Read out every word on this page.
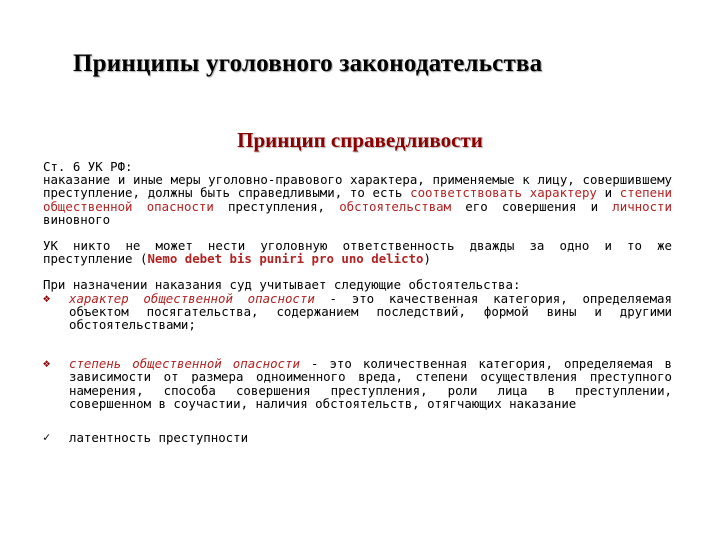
Принципы уголовного законодательства
Принцип справедливости

Ст. 6 УК РФ:

наказание и иные меры уголовно-правового характера, применяемые к лицу, совершившему преступление, должны быть справедливыми, то есть соответствовать характеру и степени общественной опасности преступления, обстоятельствам его совершения и личности виновного

УК никто не может нести уголовную ответственность дважды за одно и то же преступление (Nemo debet bis puniri pro uno delicto)

При назначении наказания суд учитывает следующие обстоятельства:

❖	характер общественной опасности - это качественная категория, определяемая объектом посягательства, содержанием последствий, формой вины и другими обстоятельствами;
❖	степень общественной опасности - это количественная категория, определяемая в зависимости от размера одноименного вреда, степени осуществления преступного намерения, способа совершения преступления, роли лица в преступлении, совершенном в соучастии, наличия обстоятельств, отягчающих наказание
✓	латентность преступности
